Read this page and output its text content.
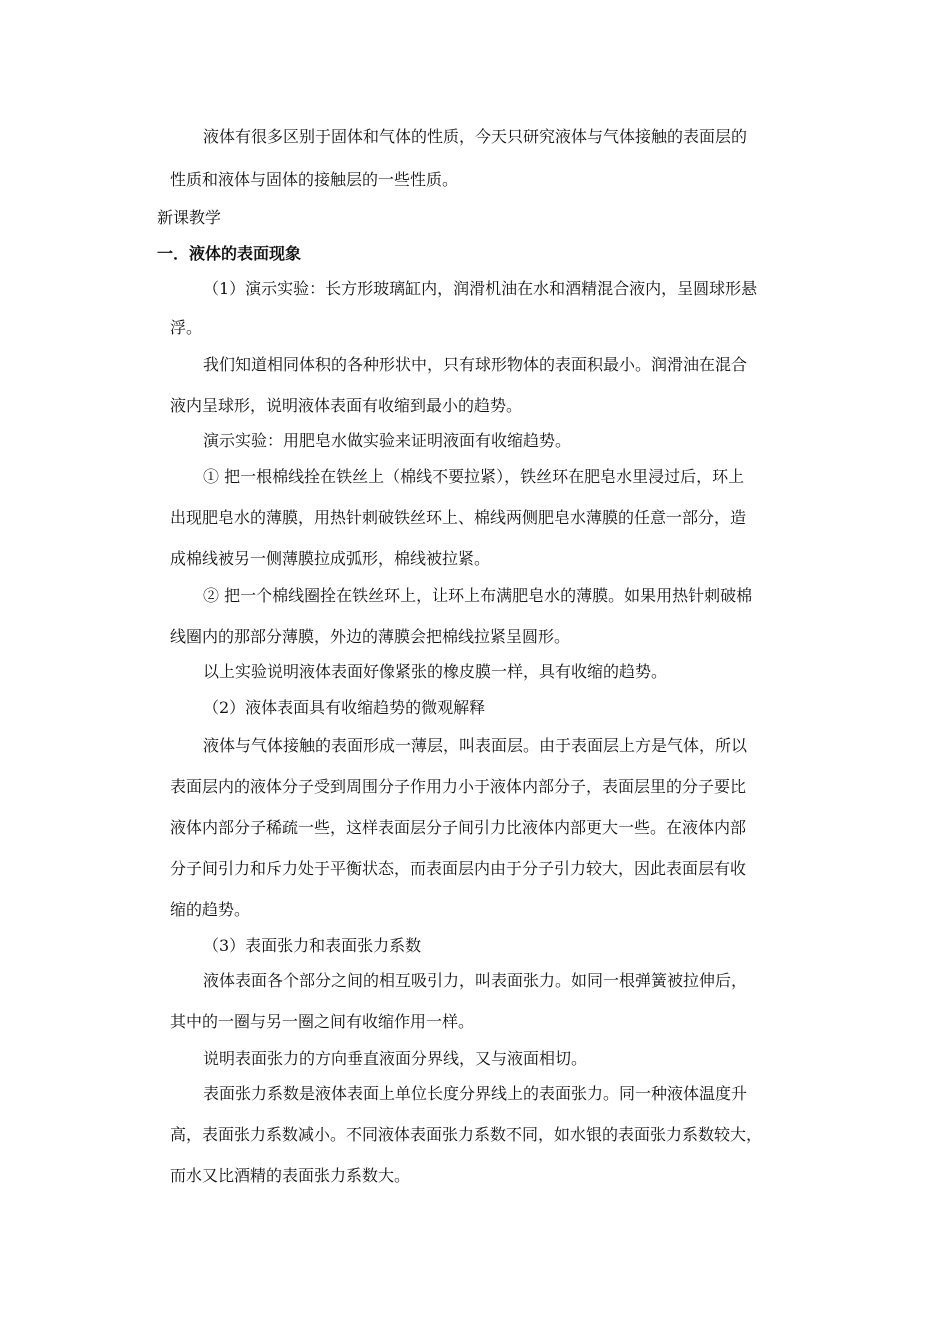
液体有很多区别于固体和气体的性质，今天只研究液体与气体接触的表面层的
性质和液体与固体的接触层的一些性质。
新课教学
一．液体的表面现象
（1）演示实验：长方形玻璃缸内，润滑机油在水和酒精混合液内，呈圆球形悬
浮。
我们知道相同体积的各种形状中，只有球形物体的表面积最小。润滑油在混合
液内呈球形，说明液体表面有收缩到最小的趋势。
演示实验：用肥皂水做实验来证明液面有收缩趋势。
① 把一根棉线拴在铁丝上（棉线不要拉紧），铁丝环在肥皂水里浸过后，环上
出现肥皂水的薄膜，用热针刺破铁丝环上、棉线两侧肥皂水薄膜的任意一部分，造
成棉线被另一侧薄膜拉成弧形，棉线被拉紧。
② 把一个棉线圈拴在铁丝环上，让环上布满肥皂水的薄膜。如果用热针刺破棉
线圈内的那部分薄膜，外边的薄膜会把棉线拉紧呈圆形。
以上实验说明液体表面好像紧张的橡皮膜一样，具有收缩的趋势。
（2）液体表面具有收缩趋势的微观解释
液体与气体接触的表面形成一薄层，叫表面层。由于表面层上方是气体，所以
表面层内的液体分子受到周围分子作用力小于液体内部分子，表面层里的分子要比
液体内部分子稀疏一些，这样表面层分子间引力比液体内部更大一些。在液体内部
分子间引力和斥力处于平衡状态，而表面层内由于分子引力较大，因此表面层有收
缩的趋势。
（3）表面张力和表面张力系数
液体表面各个部分之间的相互吸引力，叫表面张力。如同一根弹簧被拉伸后，
其中的一圈与另一圈之间有收缩作用一样。
说明表面张力的方向垂直液面分界线，又与液面相切。
表面张力系数是液体表面上单位长度分界线上的表面张力。同一种液体温度升
高，表面张力系数减小。不同液体表面张力系数不同，如水银的表面张力系数较大，
而水又比酒精的表面张力系数大。
